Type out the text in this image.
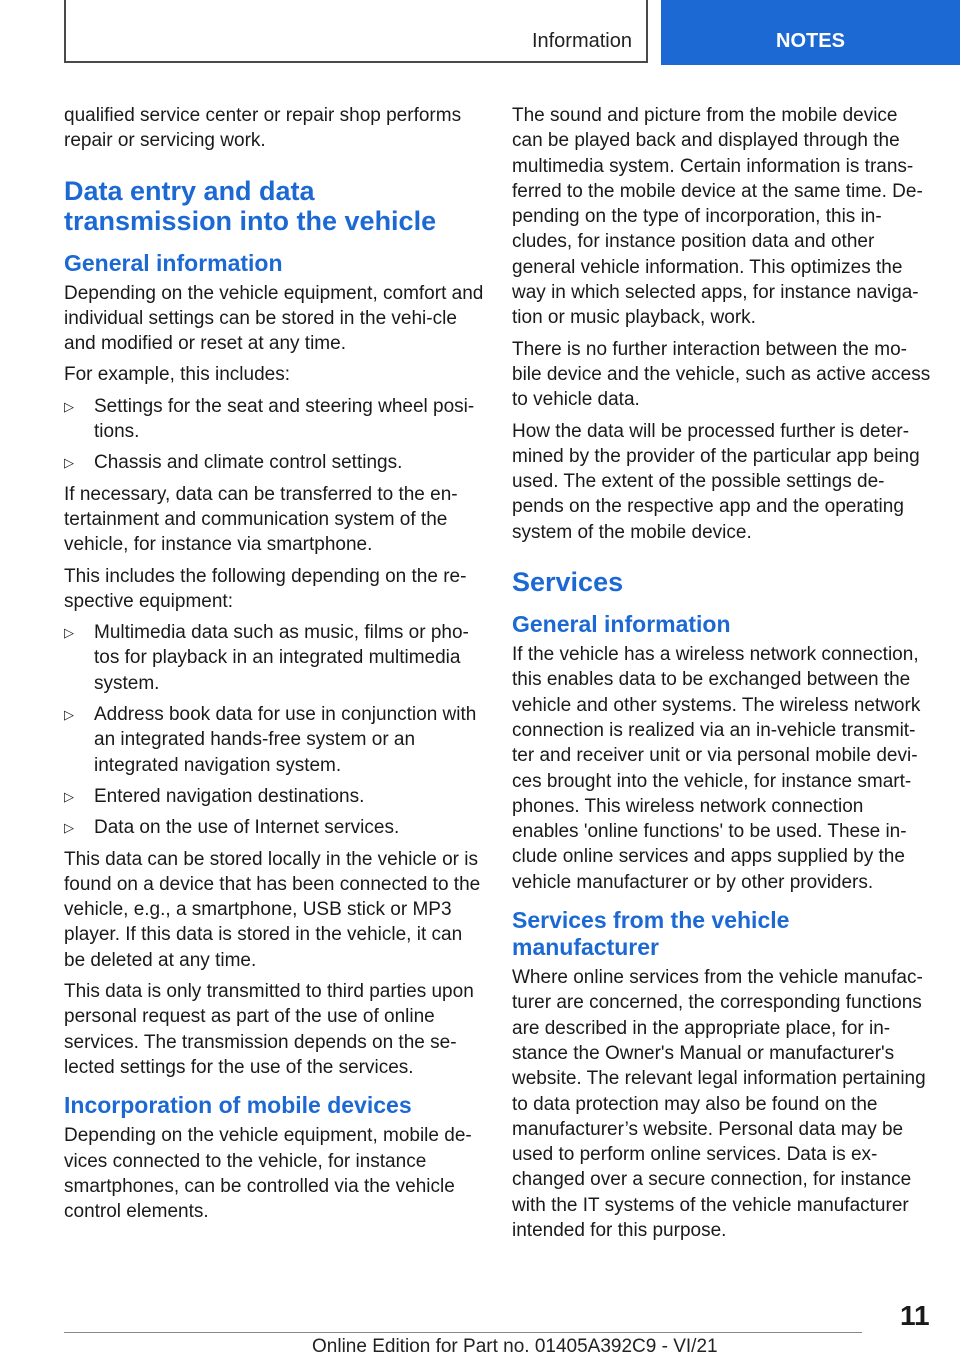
Information	NOTES

qualified service center or repair shop performs repair or servicing work.

Data entry and data transmission into the vehicle
General information

Depending on the vehicle equipment, comfort and individual settings can be stored in the vehi-cle and modified or reset at any time.

For example, this includes:

▷	Settings for the seat and steering wheel posi-tions.
▷	Chassis and climate control settings.

If necessary, data can be transferred to the en-tertainment and communication system of the vehicle, for instance via smartphone.

This includes the following depending on the re-spective equipment:

▷	Multimedia data such as music, films or pho-tos for playback in an integrated multimedia system.
▷	Address book data for use in conjunction with an integrated hands-free system or an integrated navigation system.
▷	Entered navigation destinations.
▷	Data on the use of Internet services.

This data can be stored locally in the vehicle or is found on a device that has been connected to the vehicle, e.g., a smartphone, USB stick or MP3 player. If this data is stored in the vehicle, it can be deleted at any time.

This data is only transmitted to third parties upon personal request as part of the use of online services. The transmission depends on the se-lected settings for the use of the services.

Incorporation of mobile devices

Depending on the vehicle equipment, mobile de-vices connected to the vehicle, for instance smartphones, can be controlled via the vehicle control elements.

The sound and picture from the mobile device can be played back and displayed through the multimedia system. Certain information is trans-ferred to the mobile device at the same time. De-pending on the type of incorporation, this in-cludes, for instance position data and other general vehicle information. This optimizes the way in which selected apps, for instance naviga-tion or music playback, work.

There is no further interaction between the mo-bile device and the vehicle, such as active access to vehicle data.

How the data will be processed further is deter-mined by the provider of the particular app being used. The extent of the possible settings de-pends on the respective app and the operating system of the mobile device.

Services
General information

If the vehicle has a wireless network connection, this enables data to be exchanged between the vehicle and other systems. The wireless network connection is realized via an in-vehicle transmit-ter and receiver unit or via personal mobile devi-ces brought into the vehicle, for instance smart-phones. This wireless network connection enables 'online functions' to be used. These in-clude online services and apps supplied by the vehicle manufacturer or by other providers.

Services from the vehicle manufacturer

Where online services from the vehicle manufac-turer are concerned, the corresponding functions are described in the appropriate place, for in-stance the Owner's Manual or manufacturer's website. The relevant legal information pertaining to data protection may also be found on the manufacturer’s website. Personal data may be used to perform online services. Data is ex-changed over a secure connection, for instance with the IT systems of the vehicle manufacturer intended for this purpose.

11
Online Edition for Part no. 01405A392C9 - VI/21
